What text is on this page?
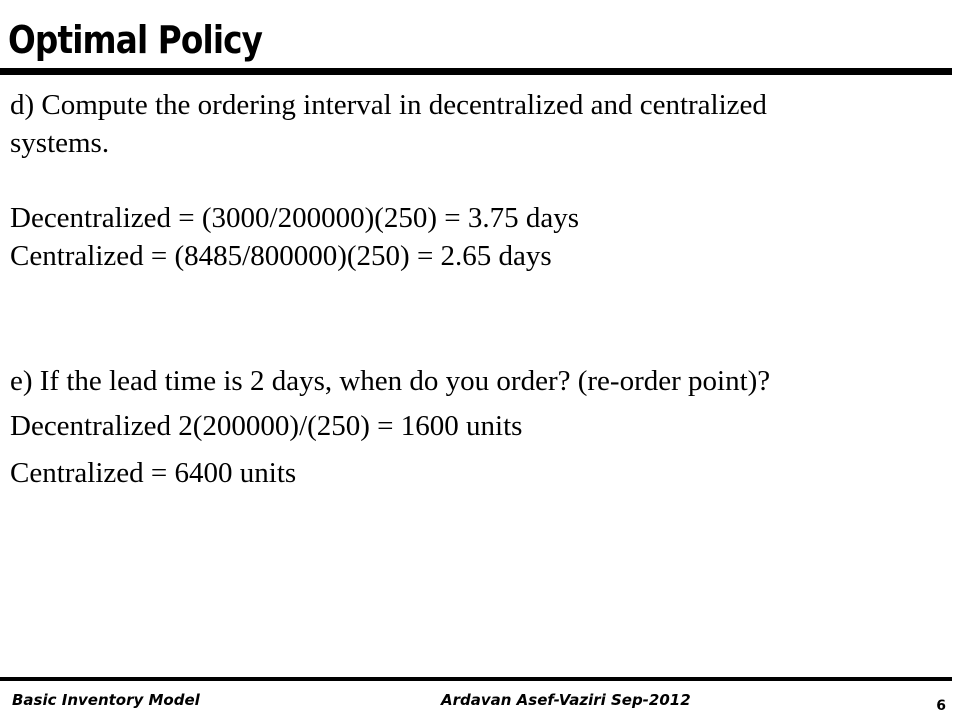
Optimal Policy
d) Compute the ordering interval in decentralized and centralized
systems.
Decentralized = (3000/200000)(250) = 3.75 days
Centralized = (8485/800000)(250) = 2.65 days
e) If the lead time is 2 days, when do you order? (re-order point)?
Decentralized 2(200000)/(250) = 1600 units
Centralized = 6400 units
Basic Inventory Model	Ardavan Asef-Vaziri Sep-2012	6
